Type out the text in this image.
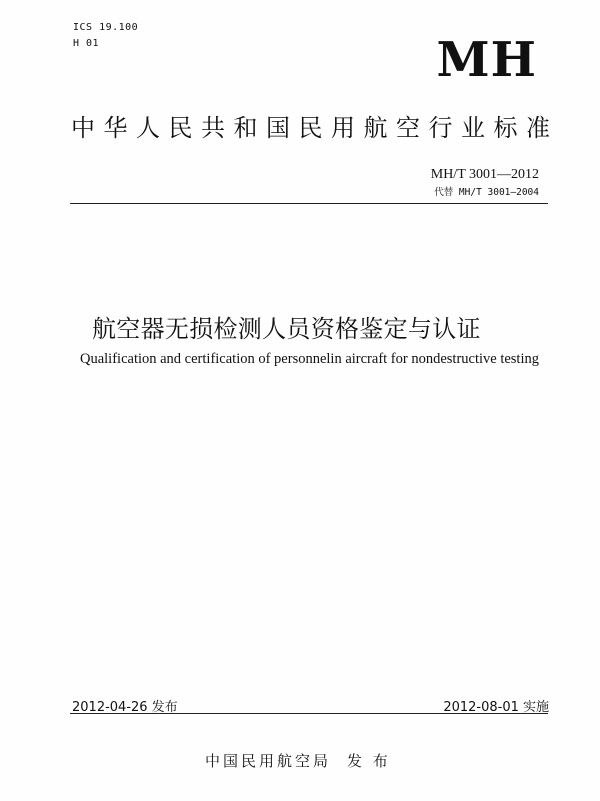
ICS 19.100
H 01	MH
中华人民共和国民用航空行业标准
MH/T 3001—2012
代替 MH/T 3001—2004
航空器无损检测人员资格鉴定与认证
Qualification and certification of personnelin aircraft for nondestructive testing
2012-04-26 发布	2012-08-01 实施
中国民用航空局 发 布
